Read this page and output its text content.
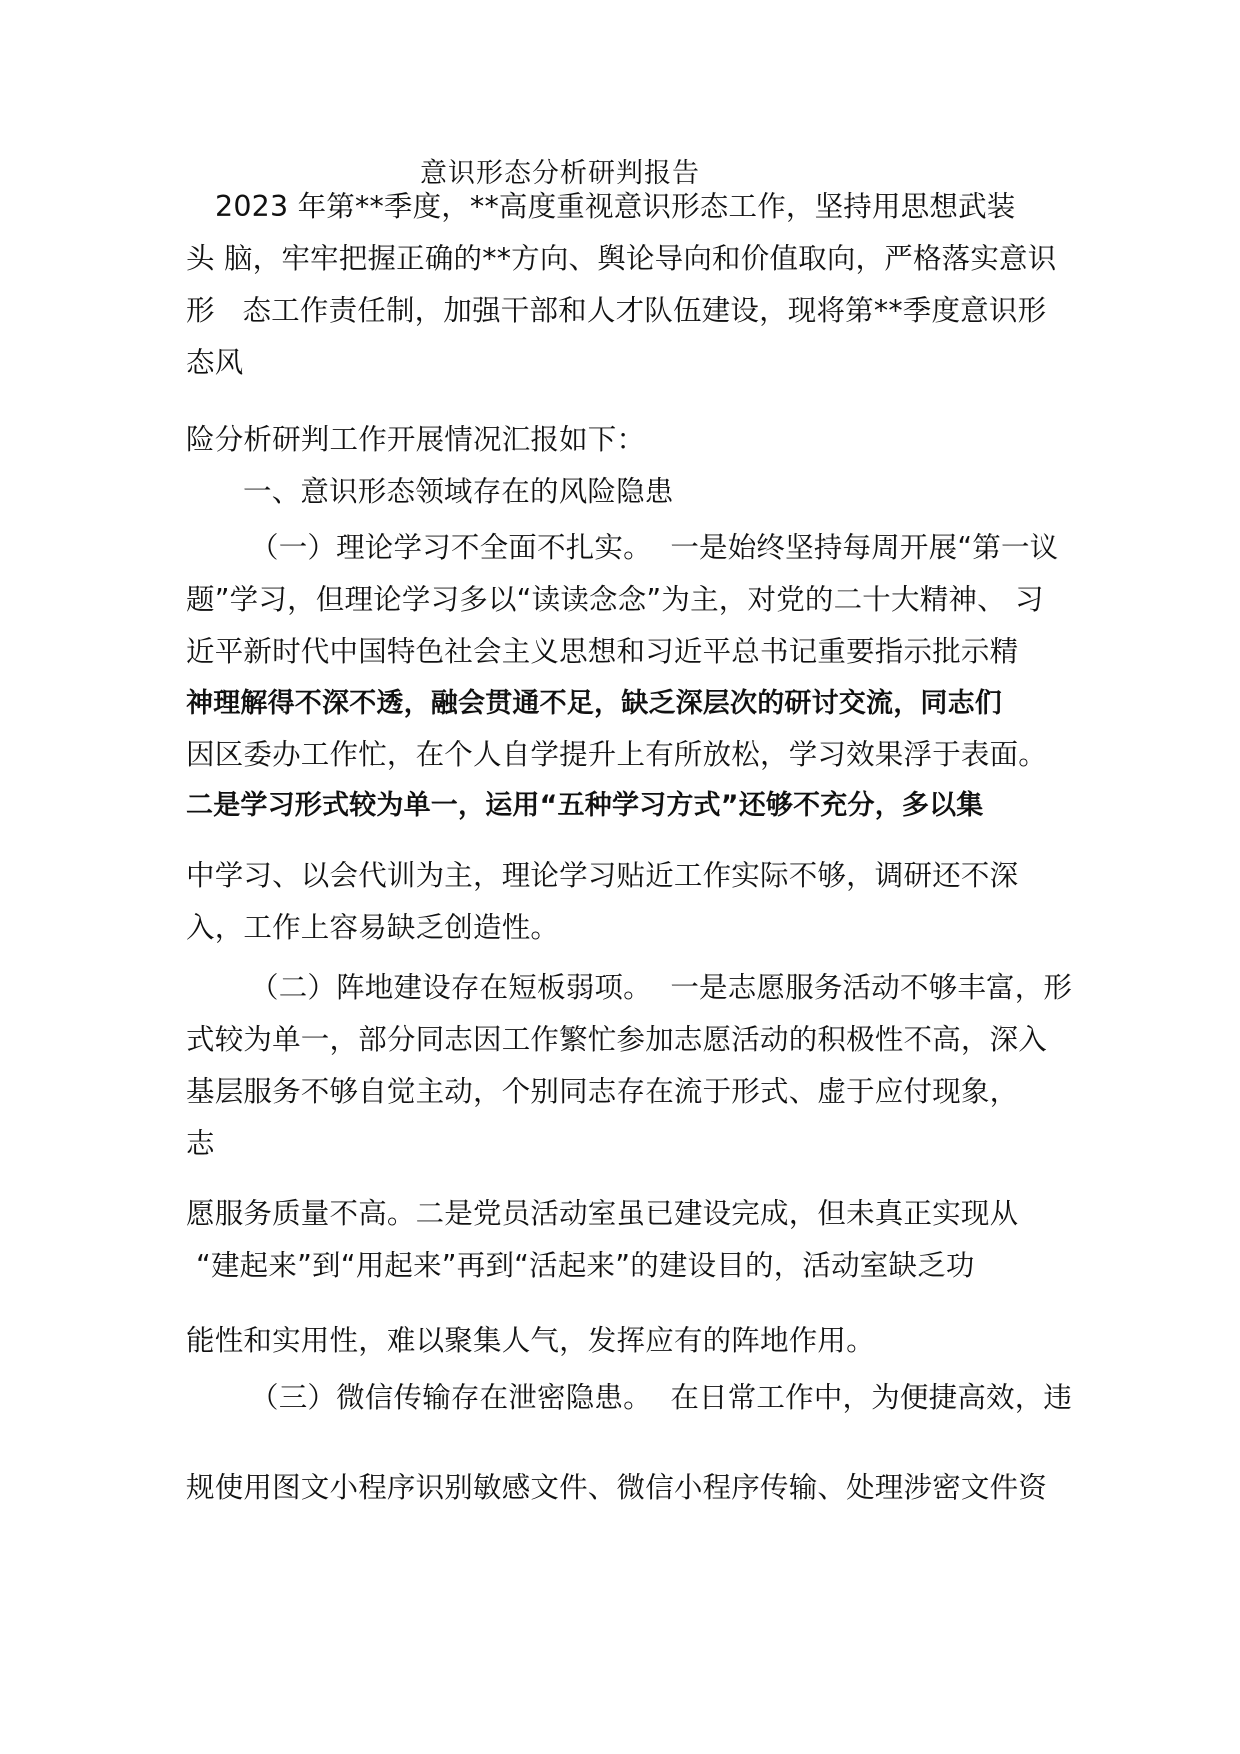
意识形态分析研判报告
2023 年第**季度，**高度重视意识形态工作，坚持用思想武装
头 脑，牢牢把握正确的**方向、舆论导向和价值取向，严格落实意识
形   态工作责任制，加强干部和人才队伍建设，现将第**季度意识形
态风
险分析研判工作开展情况汇报如下：
一、意识形态领域存在的风险隐患
（一）理论学习不全面不扎实。  一是始终坚持每周开展“第一议
题”学习，但理论学习多以“读读念念”为主，对党的二十大精神、 习
近平新时代中国特色社会主义思想和习近平总书记重要指示批示精
神理解得不深不透，融会贯通不足，缺乏深层次的研讨交流，同志们
因区委办工作忙，在个人自学提升上有所放松，学习效果浮于表面。
二是学习形式较为单一，运用“五种学习方式”还够不充分，多以集
中学习、以会代训为主，理论学习贴近工作实际不够，调研还不深
入，工作上容易缺乏创造性。
（二）阵地建设存在短板弱项。  一是志愿服务活动不够丰富，形
式较为单一，部分同志因工作繁忙参加志愿活动的积极性不高，深入
基层服务不够自觉主动，个别同志存在流于形式、虚于应付现象，
志
愿服务质量不高。二是党员活动室虽已建设完成，但未真正实现从
“建起来”到“用起来”再到“活起来”的建设目的，活动室缺乏功
能性和实用性，难以聚集人气，发挥应有的阵地作用。
（三）微信传输存在泄密隐患。  在日常工作中，为便捷高效，违
规使用图文小程序识别敏感文件、微信小程序传输、处理涉密文件资
